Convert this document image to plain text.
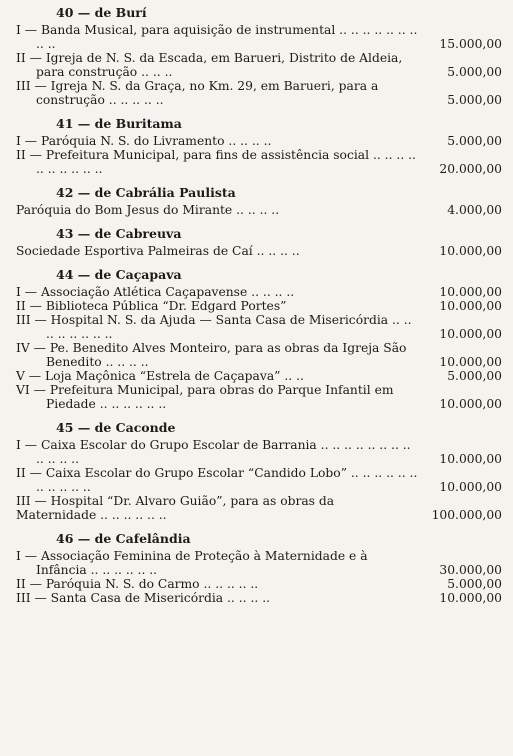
40 — de Burí
I — Banda Musical, para aquisição de instrumental .. .. .. .. .. .. .. .. ..	15.000,00
II — Igreja de N. S. da Escada, em Barueri, Distrito de Aldeia, para construção .. .. ..	5.000,00
III — Igreja N. S. da Graça, no Km. 29, em Barueri, para a construção .. .. .. .. ..	5.000,00
41 — de Buritama
I — Paróquia N. S. do Livramento .. .. .. ..	5.000,00
II — Prefeitura Municipal, para fins de assistência social .. .. .. .. .. .. .. .. .. ..	20.000,00
42 — de Cabrália Paulista
Paróquia do Bom Jesus do Mirante .. .. .. ..	4.000,00
43 — de Cabreuva
Sociedade Esportiva Palmeiras de Caí .. .. .. ..	10.000,00
44 — de Caçapava
I — Associação Atlética Caçapavense .. .. .. ..	10.000,00
II — Biblioteca Pública “Dr. Edgard Portes”	10.000,00
III — Hospital N. S. da Ajuda — Santa Casa de Misericórdia .. .. .. .. .. .. .. ..	10.000,00
IV — Pe. Benedito Alves Monteiro, para as obras da Igreja São Benedito .. .. .. ..	10.000,00
V — Loja Maçônica “Estrela de Caçapava” .. ..	5.000,00
VI — Prefeitura Municipal, para obras do Parque Infantil em Piedade .. .. .. .. .. ..	10.000,00
45 — de Caconde
I — Caixa Escolar do Grupo Escolar de Barrania .. .. .. .. .. .. .. .. .. .. .. ..	10.000,00
II — Caixa Escolar do Grupo Escolar “Candido Lobo” .. .. .. .. .. .. .. .. .. .. ..	10.000,00
III — Hospital “Dr. Alvaro Guião”, para as obras da Maternidade .. .. .. .. .. ..	100.000,00
46 — de Cafelândia
I — Associação Feminina de Proteção à Maternidade e à Infância .. .. .. .. .. ..	30.000,00
II — Paróquia N. S. do Carmo .. .. .. .. ..	5.000,00
III — Santa Casa de Misericórdia .. .. .. ..	10.000,00
